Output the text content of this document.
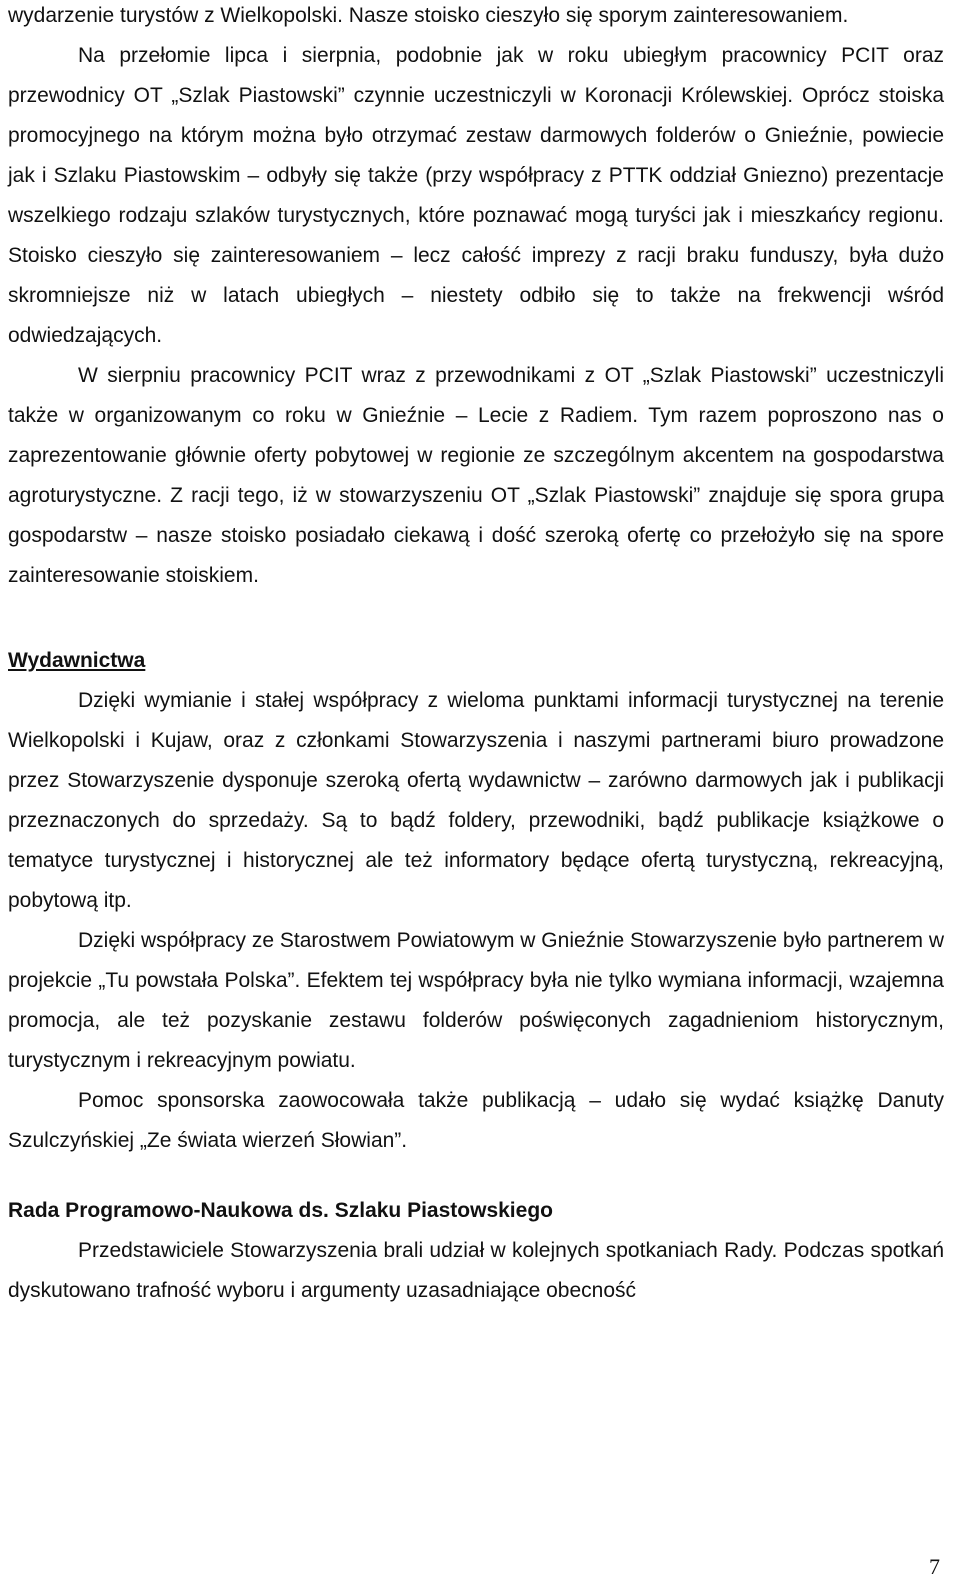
wydarzenie turystów z Wielkopolski. Nasze stoisko cieszyło się sporym zainteresowaniem.

Na przełomie lipca i sierpnia, podobnie jak w roku ubiegłym pracownicy PCIT oraz przewodnicy OT „Szlak Piastowski” czynnie uczestniczyli w Koronacji Królewskiej. Oprócz stoiska promocyjnego na którym można było otrzymać zestaw darmowych folderów o Gnieźnie, powiecie jak i Szlaku Piastowskim – odbyły się także (przy współpracy z PTTK oddział Gniezno) prezentacje wszelkiego rodzaju szlaków turystycznych, które poznawać mogą turyści jak i mieszkańcy regionu. Stoisko cieszyło się zainteresowaniem – lecz całość imprezy z racji braku funduszy, była dużo skromniejsze niż w latach ubiegłych – niestety odbiło się to także na frekwencji wśród odwiedzających.

W sierpniu pracownicy PCIT wraz z przewodnikami z OT „Szlak Piastowski” uczestniczyli także w organizowanym co roku w Gnieźnie – Lecie z Radiem. Tym razem poproszono nas o zaprezentowanie głównie oferty pobytowej w regionie ze szczególnym akcentem na gospodarstwa agroturystyczne. Z racji tego, iż w stowarzyszeniu OT „Szlak Piastowski” znajduje się spora grupa gospodarstw – nasze stoisko posiadało ciekawą i dość szeroką ofertę co przełożyło się na spore zainteresowanie stoiskiem.

Wydawnictwa

Dzięki wymianie i stałej współpracy z wieloma punktami informacji turystycznej na terenie Wielkopolski i Kujaw, oraz z członkami Stowarzyszenia i naszymi partnerami biuro prowadzone przez Stowarzyszenie dysponuje szeroką ofertą wydawnictw – zarówno darmowych jak i publikacji przeznaczonych do sprzedaży. Są to bądź foldery, przewodniki, bądź publikacje książkowe o tematyce turystycznej i historycznej ale też informatory będące ofertą turystyczną, rekreacyjną, pobytową itp.

Dzięki współpracy ze Starostwem Powiatowym w Gnieźnie Stowarzyszenie było partnerem w projekcie „Tu powstała Polska”. Efektem tej współpracy była nie tylko wymiana informacji, wzajemna promocja, ale też pozyskanie zestawu folderów poświęconych zagadnieniom historycznym, turystycznym i rekreacyjnym powiatu.

Pomoc sponsorska zaowocowała także publikacją – udało się wydać książkę Danuty Szulczyńskiej „Ze świata wierzeń Słowian”.

Rada Programowo-Naukowa ds. Szlaku Piastowskiego

Przedstawiciele Stowarzyszenia brali udział w kolejnych spotkaniach Rady. Podczas spotkań dyskutowano trafność wyboru i argumenty uzasadniające obecność

7
